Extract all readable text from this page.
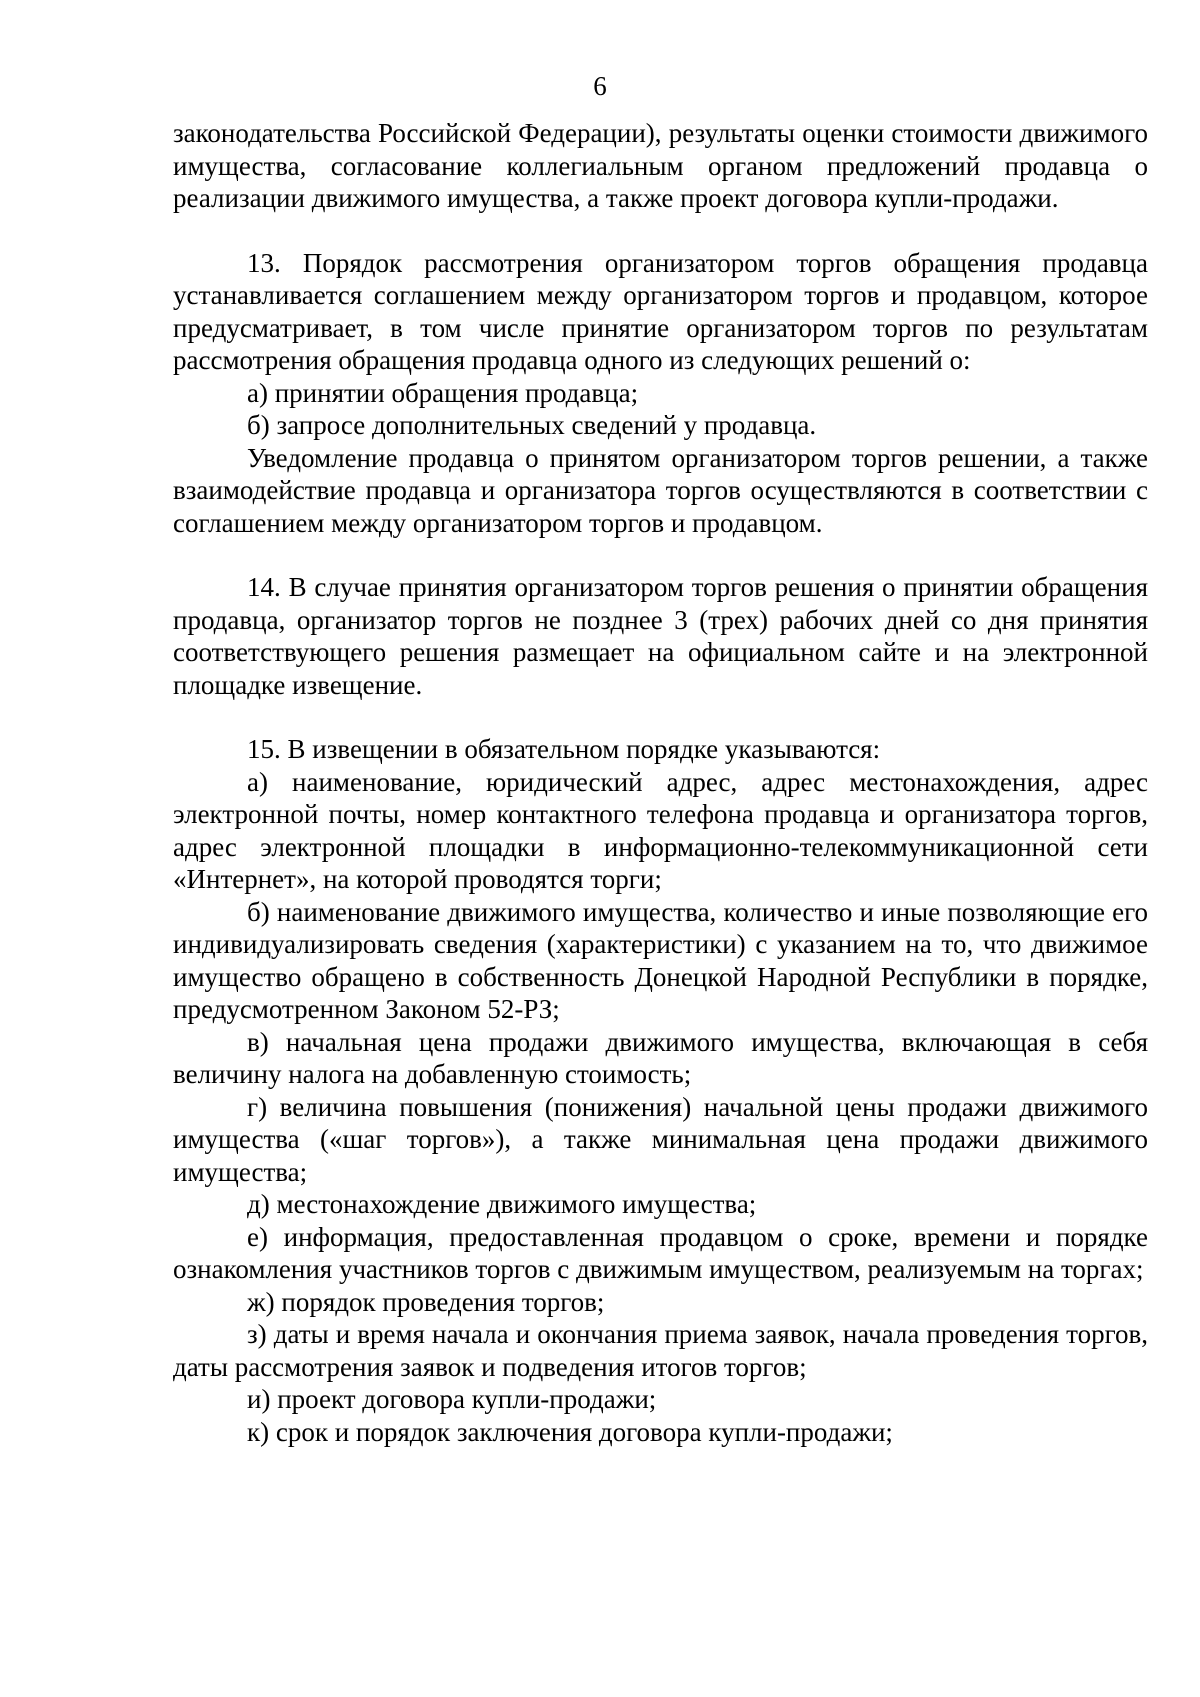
6

законодательства Российской Федерации), результаты оценки стоимости движимого имущества, согласование коллегиальным органом предложений продавца о реализации движимого имущества, а также проект договора купли-продажи.

13. Порядок рассмотрения организатором торгов обращения продавца устанавливается соглашением между организатором торгов и продавцом, которое предусматривает, в том числе принятие организатором торгов по результатам рассмотрения обращения продавца одного из следующих решений о:

а) принятии обращения продавца;

б) запросе дополнительных сведений у продавца.

Уведомление продавца о принятом организатором торгов решении, а также взаимодействие продавца и организатора торгов осуществляются в соответствии с соглашением между организатором торгов и продавцом.

14. В случае принятия организатором торгов решения о принятии обращения продавца, организатор торгов не позднее 3 (трех) рабочих дней со дня принятия соответствующего решения размещает на официальном сайте и на электронной площадке извещение.

15. В извещении в обязательном порядке указываются:

а) наименование, юридический адрес, адрес местонахождения, адрес электронной почты, номер контактного телефона продавца и организатора торгов, адрес электронной площадки в информационно-телекоммуникационной сети «Интернет», на которой проводятся торги;

б) наименование движимого имущества, количество и иные позволяющие его индивидуализировать сведения (характеристики) с указанием на то, что движимое имущество обращено в собственность Донецкой Народной Республики в порядке, предусмотренном Законом 52-РЗ;

в) начальная цена продажи движимого имущества, включающая в себя величину налога на добавленную стоимость;

г) величина повышения (понижения) начальной цены продажи движимого имущества («шаг торгов»), а также минимальная цена продажи движимого имущества;

д) местонахождение движимого имущества;

е) информация, предоставленная продавцом о сроке, времени и порядке ознакомления участников торгов с движимым имуществом, реализуемым на торгах;

ж) порядок проведения торгов;

з) даты и время начала и окончания приема заявок, начала проведения торгов, даты рассмотрения заявок и подведения итогов торгов;

и) проект договора купли-продажи;

к) срок и порядок заключения договора купли-продажи;
